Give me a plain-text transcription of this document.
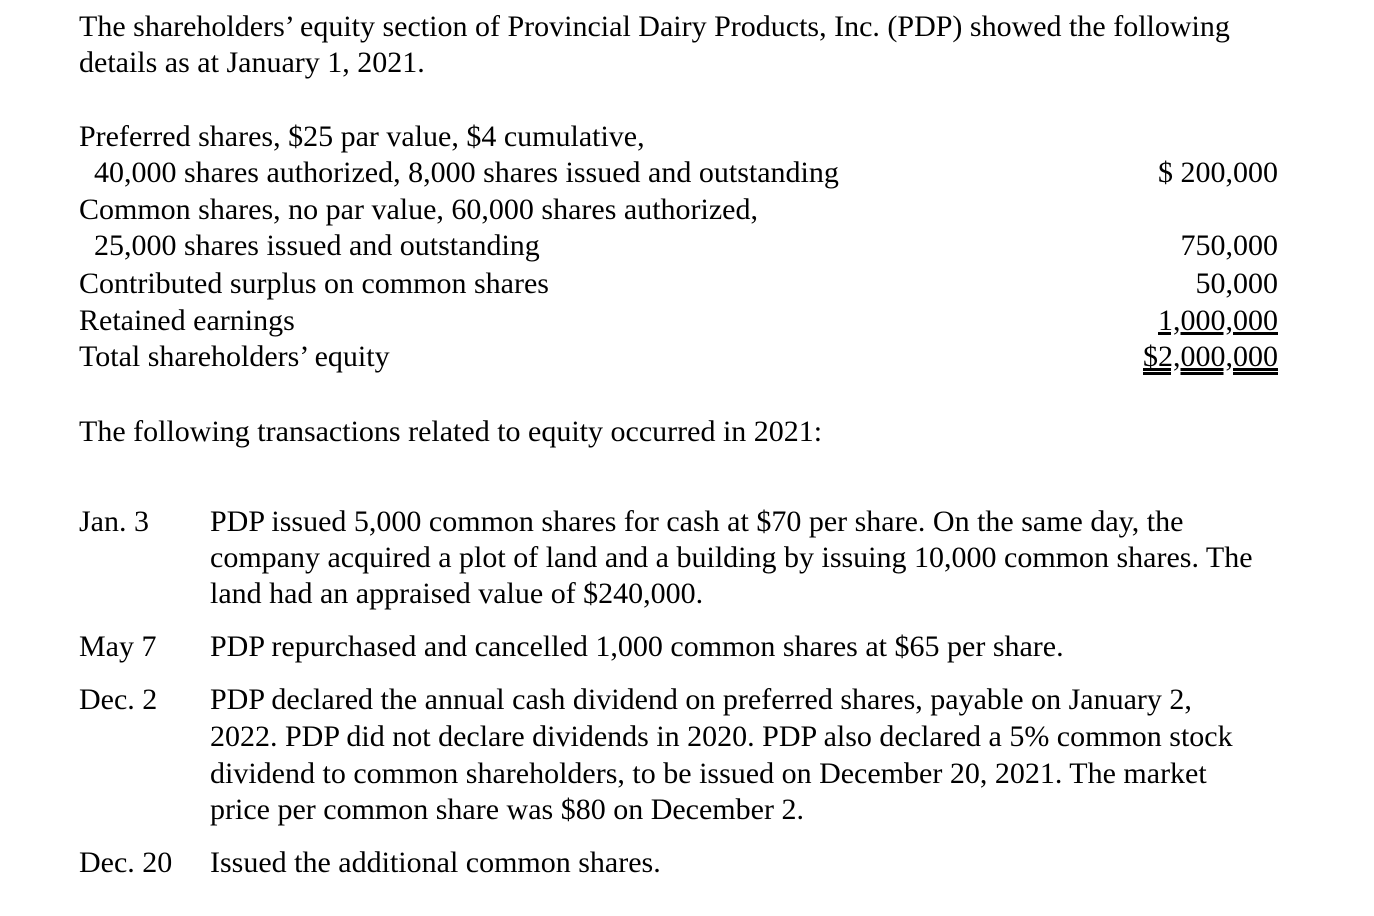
The shareholders’ equity section of Provincial Dairy Products, Inc. (PDP) showed the following
details as at January 1, 2021.
Preferred shares, $25 par value, $4 cumulative,
40,000 shares authorized, 8,000 shares issued and outstanding	$ 200,000
Common shares, no par value, 60,000 shares authorized,
25,000 shares issued and outstanding	750,000
Contributed surplus on common shares	50,000
Retained earnings	1,000,000
Total shareholders’ equity	$2,000,000
The following transactions related to equity occurred in 2021:
Jan. 3 PDP issued 5,000 common shares for cash at $70 per share. On the same day, the
company acquired a plot of land and a building by issuing 10,000 common shares. The
land had an appraised value of $240,000.
May 7 PDP repurchased and cancelled 1,000 common shares at $65 per share.
Dec. 2 PDP declared the annual cash dividend on preferred shares, payable on January 2,
2022. PDP did not declare dividends in 2020. PDP also declared a 5% common stock
dividend to common shareholders, to be issued on December 20, 2021. The market
price per common share was $80 on December 2.
Dec. 20 Issued the additional common shares.
